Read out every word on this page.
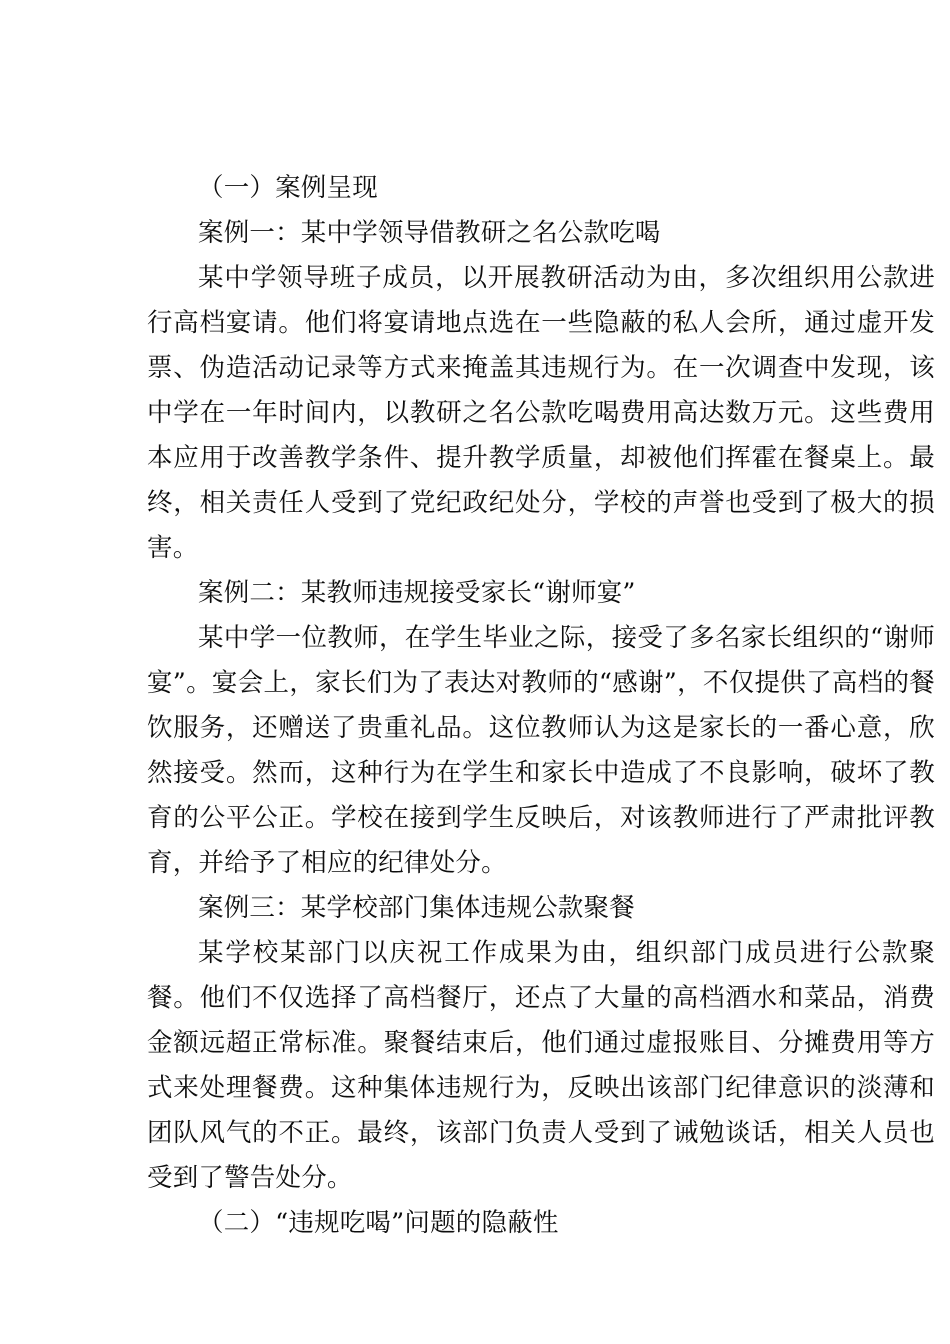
（一）案例呈现

案例一：某中学领导借教研之名公款吃喝

某中学领导班子成员，以开展教研活动为由，多次组织用公款进行高档宴请。他们将宴请地点选在一些隐蔽的私人会所，通过虚开发票、伪造活动记录等方式来掩盖其违规行为。在一次调查中发现，该中学在一年时间内，以教研之名公款吃喝费用高达数万元。这些费用本应用于改善教学条件、提升教学质量，却被他们挥霍在餐桌上。最终，相关责任人受到了党纪政纪处分，学校的声誉也受到了极大的损害。

案例二：某教师违规接受家长“谢师宴”

某中学一位教师，在学生毕业之际，接受了多名家长组织的“谢师宴”。宴会上，家长们为了表达对教师的“感谢”，不仅提供了高档的餐饮服务，还赠送了贵重礼品。这位教师认为这是家长的一番心意，欣然接受。然而，这种行为在学生和家长中造成了不良影响，破坏了教育的公平公正。学校在接到学生反映后，对该教师进行了严肃批评教育，并给予了相应的纪律处分。

案例三：某学校部门集体违规公款聚餐

某学校某部门以庆祝工作成果为由，组织部门成员进行公款聚餐。他们不仅选择了高档餐厅，还点了大量的高档酒水和菜品，消费金额远超正常标准。聚餐结束后，他们通过虚报账目、分摊费用等方式来处理餐费。这种集体违规行为，反映出该部门纪律意识的淡薄和团队风气的不正。最终，该部门负责人受到了诫勉谈话，相关人员也受到了警告处分。

（二）“违规吃喝”问题的隐蔽性
